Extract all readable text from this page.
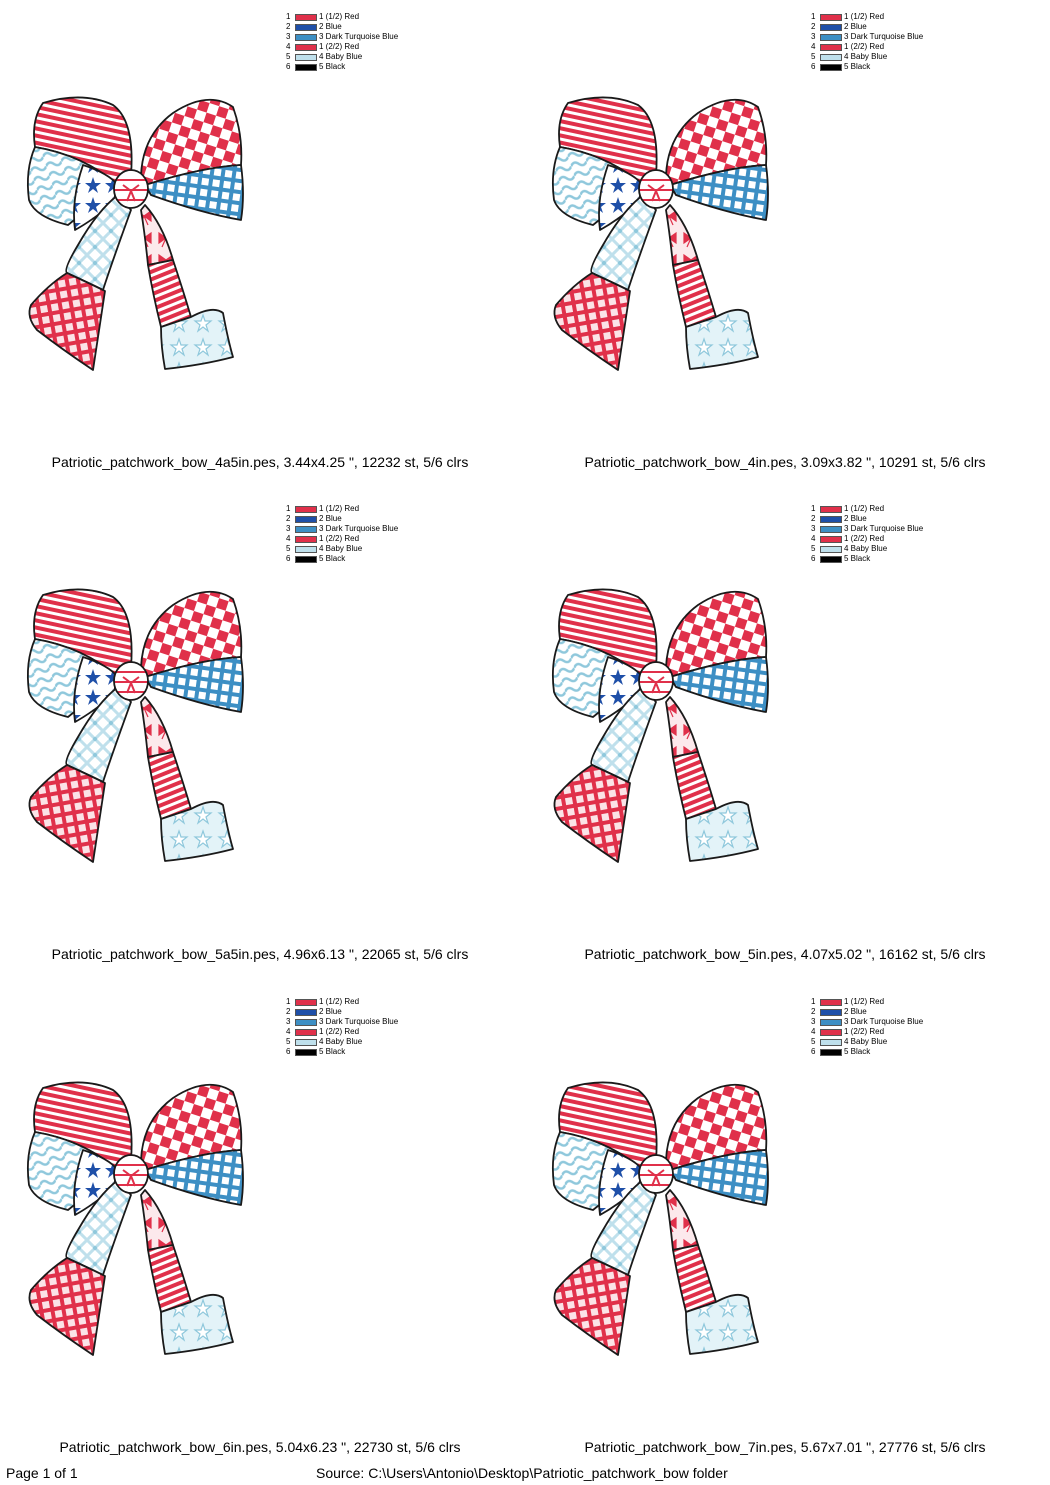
1	1 (1/2) Red
2	2 Blue
3	3 Dark Turquoise Blue
4	1 (2/2) Red
5	4 Baby Blue
6	5 Black
Patriotic_patchwork_bow_4a5in.pes, 3.44x4.25 ", 12232 st, 5/6 clrs
1	1 (1/2) Red
2	2 Blue
3	3 Dark Turquoise Blue
4	1 (2/2) Red
5	4 Baby Blue
6	5 Black
Patriotic_patchwork_bow_4in.pes, 3.09x3.82 ", 10291 st, 5/6 clrs
1	1 (1/2) Red
2	2 Blue
3	3 Dark Turquoise Blue
4	1 (2/2) Red
5	4 Baby Blue
6	5 Black
Patriotic_patchwork_bow_5a5in.pes, 4.96x6.13 ", 22065 st, 5/6 clrs
1	1 (1/2) Red
2	2 Blue
3	3 Dark Turquoise Blue
4	1 (2/2) Red
5	4 Baby Blue
6	5 Black
Patriotic_patchwork_bow_5in.pes, 4.07x5.02 ", 16162 st, 5/6 clrs
1	1 (1/2) Red
2	2 Blue
3	3 Dark Turquoise Blue
4	1 (2/2) Red
5	4 Baby Blue
6	5 Black
Patriotic_patchwork_bow_6in.pes, 5.04x6.23 ", 22730 st, 5/6 clrs
1	1 (1/2) Red
2	2 Blue
3	3 Dark Turquoise Blue
4	1 (2/2) Red
5	4 Baby Blue
6	5 Black
Patriotic_patchwork_bow_7in.pes, 5.67x7.01 ", 27776 st, 5/6 clrs
Page 1 of 1	Source: C:\Users\Antonio\Desktop\Patriotic_patchwork_bow folder
